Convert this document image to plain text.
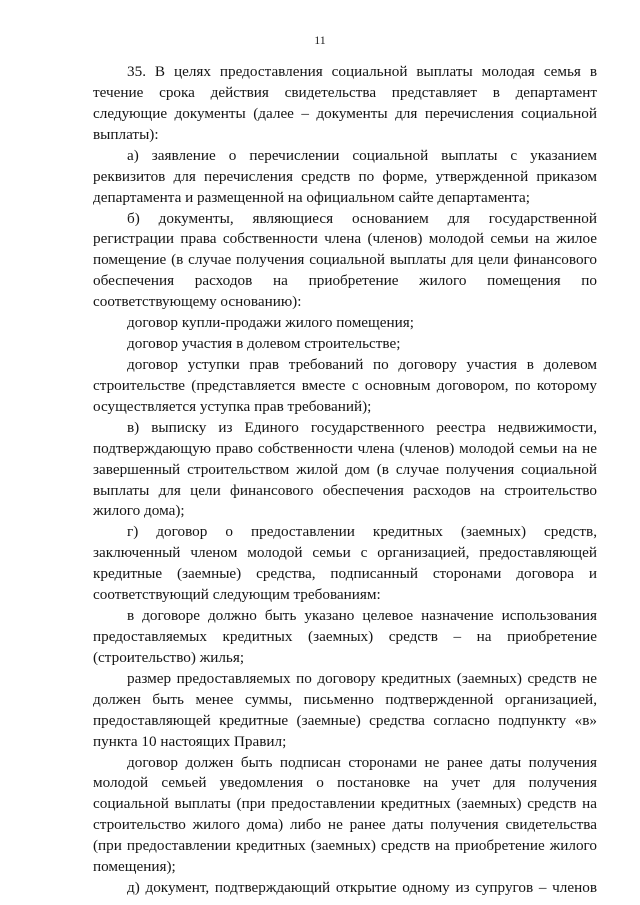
11
35. В целях предоставления социальной выплаты молодая семья в
течение срока действия свидетельства представляет в департамент
следующие документы (далее – документы для перечисления социальной
выплаты):
а) заявление о перечислении социальной выплаты с указанием
реквизитов для перечисления средств по форме, утвержденной приказом
департамента и размещенной на официальном сайте департамента;
б) документы, являющиеся основанием для государственной
регистрации права собственности члена (членов) молодой семьи на жилое
помещение (в случае получения социальной выплаты для цели финансового
обеспечения расходов на приобретение жилого помещения по
соответствующему основанию):
договор купли-продажи жилого помещения;
договор участия в долевом строительстве;
договор уступки прав требований по договору участия в долевом
строительстве (представляется вместе с основным договором, по которому
осуществляется уступка прав требований);
в) выписку из Единого государственного реестра недвижимости,
подтверждающую право собственности члена (членов) молодой семьи на не
завершенный строительством жилой дом (в случае получения социальной
выплаты для цели финансового обеспечения расходов на строительство
жилого дома);
г) договор о предоставлении кредитных (заемных) средств,
заключенный членом молодой семьи с организацией, предоставляющей
кредитные (заемные) средства, подписанный сторонами договора и
соответствующий следующим требованиям:
в договоре должно быть указано целевое назначение использования
предоставляемых кредитных (заемных) средств – на приобретение
(строительство) жилья;
размер предоставляемых по договору кредитных (заемных) средств не
должен быть менее суммы, письменно подтвержденной организацией,
предоставляющей кредитные (заемные) средства согласно подпункту «в»
пункта 10 настоящих Правил;
договор должен быть подписан сторонами не ранее даты получения
молодой семьей уведомления о постановке на учет для получения
социальной выплаты (при предоставлении кредитных (заемных) средств на
строительство жилого дома) либо не ранее даты получения свидетельства
(при предоставлении кредитных (заемных) средств на приобретение жилого
помещения);
д) документ, подтверждающий открытие одному из супругов – членов
